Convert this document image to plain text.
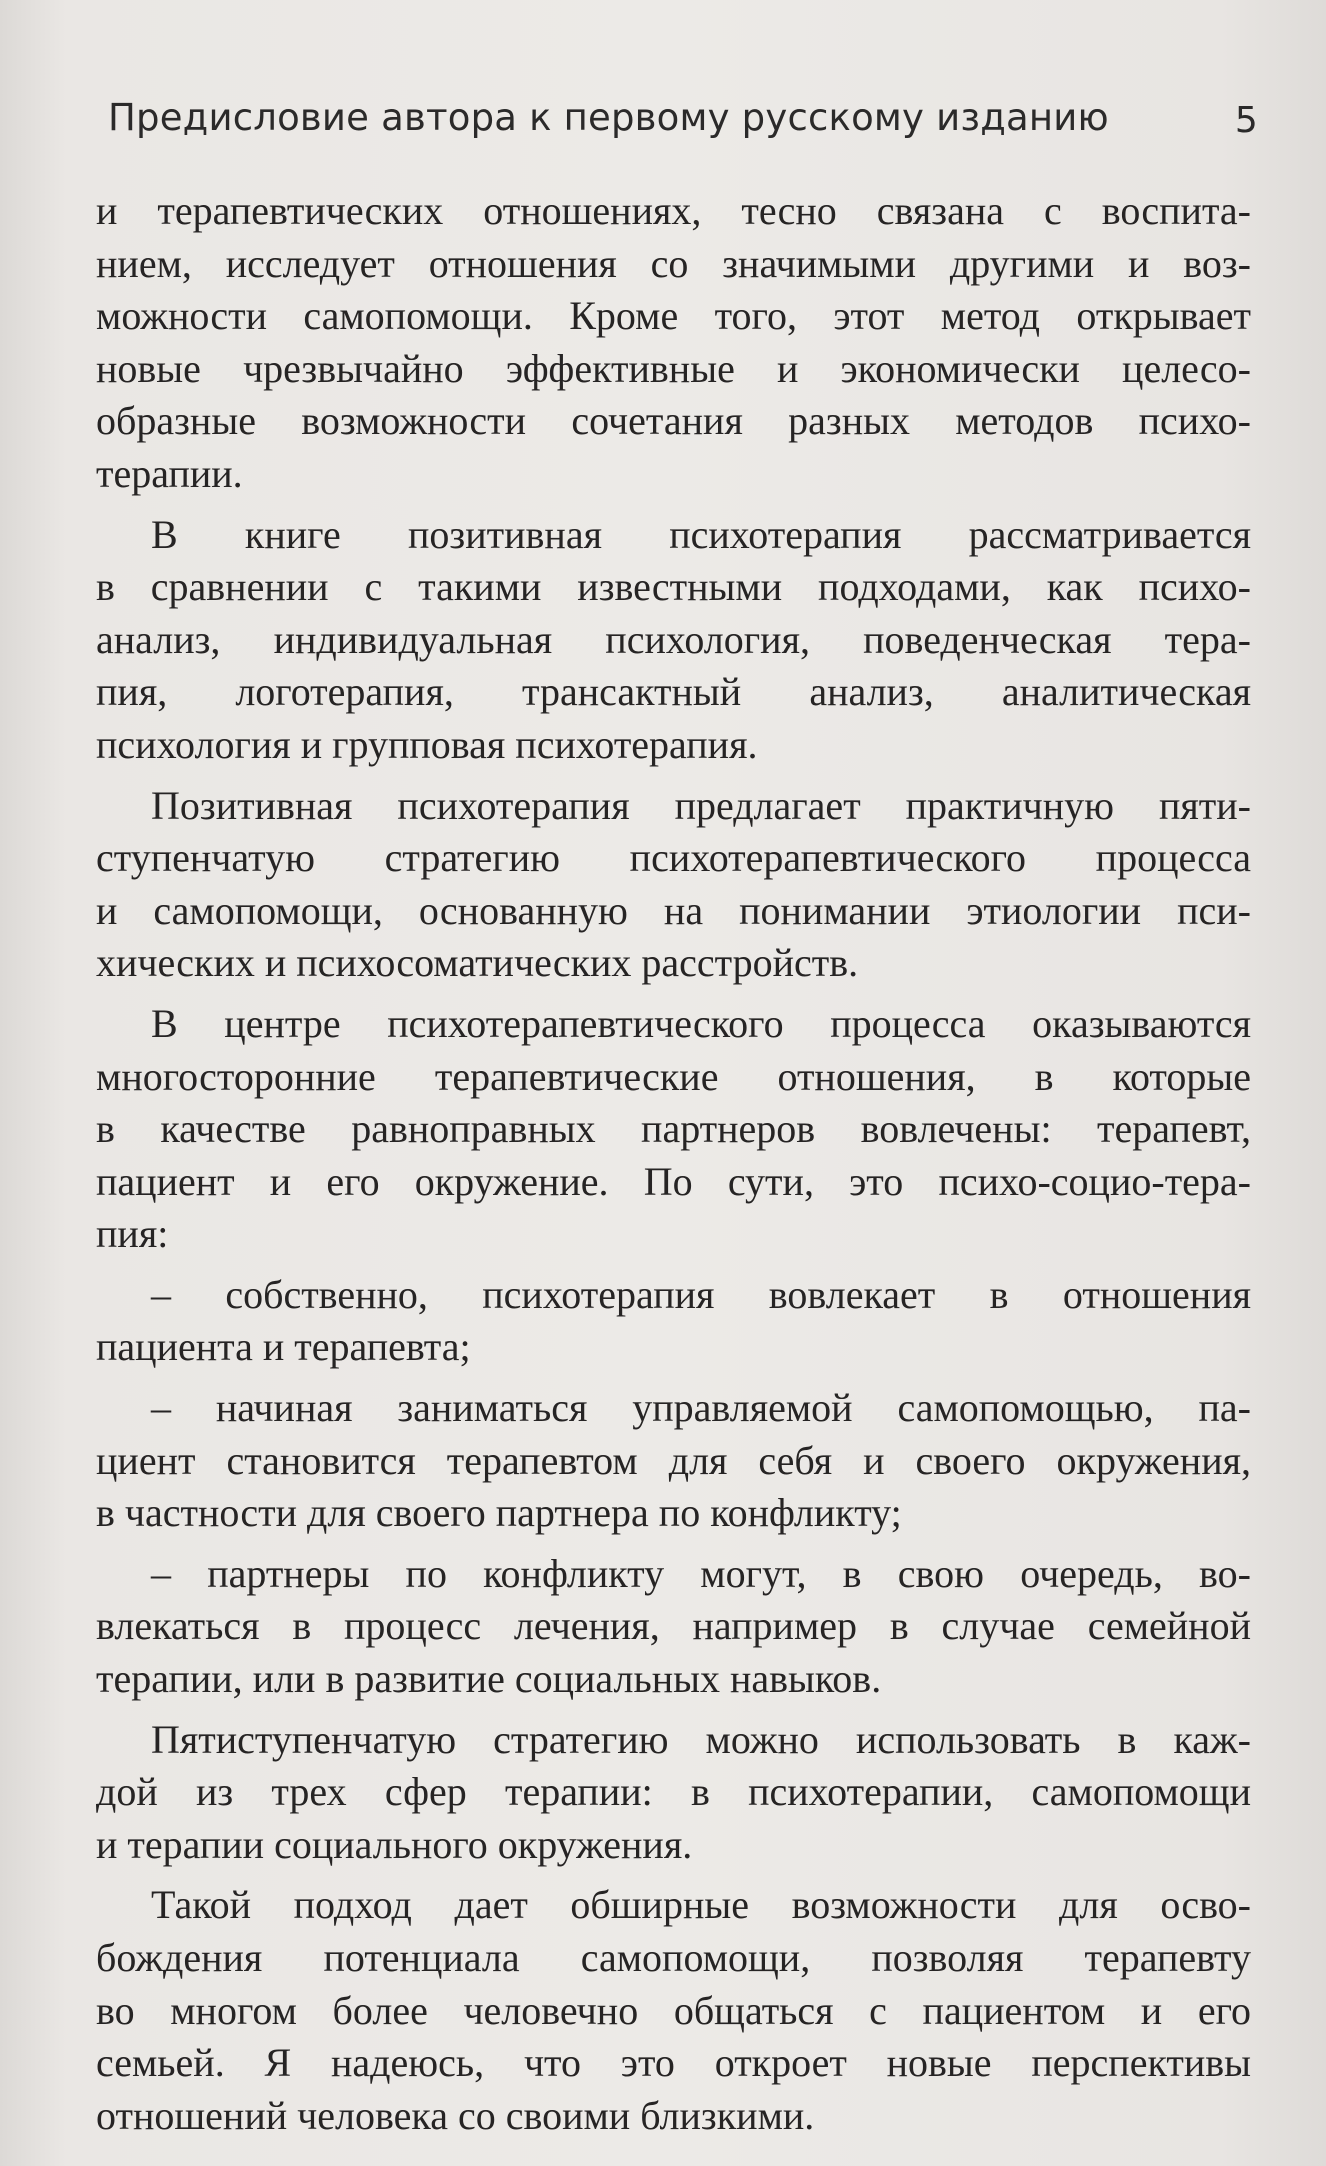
Предисловие автора к первому русскому изданию	5
и терапевтических отношениях, тесно связана с воспита-
нием, исследует отношения со значимыми другими и воз-
можности самопомощи. Кроме того, этот метод открывает
новые чрезвычайно эффективные и экономически целесо-
образные возможности сочетания разных методов психо-
терапии.
В книге позитивная психотерапия рассматривается
в сравнении с такими известными подходами, как психо-
анализ, индивидуальная психология, поведенческая тера-
пия, логотерапия, трансактный анализ, аналитическая
психология и групповая психотерапия.
Позитивная психотерапия предлагает практичную пяти-
ступенчатую стратегию психотерапевтического процесса
и самопомощи, основанную на понимании этиологии пси-
хических и психосоматических расстройств.
В центре психотерапевтического процесса оказываются
многосторонние терапевтические отношения, в которые
в качестве равноправных партнеров вовлечены: терапевт,
пациент и его окружение. По сути, это психо-социо-тера-
пия:
– собственно, психотерапия вовлекает в отношения
пациента и терапевта;
– начиная заниматься управляемой самопомощью, па-
циент становится терапевтом для себя и своего окружения,
в частности для своего партнера по конфликту;
– партнеры по конфликту могут, в свою очередь, во-
влекаться в процесс лечения, например в случае семейной
терапии, или в развитие социальных навыков.
Пятиступенчатую стратегию можно использовать в каж-
дой из трех сфер терапии: в психотерапии, самопомощи
и терапии социального окружения.
Такой подход дает обширные возможности для осво-
бождения потенциала самопомощи, позволяя терапевту
во многом более человечно общаться с пациентом и его
семьей. Я надеюсь, что это откроет новые перспективы
отношений человека со своими близкими.
